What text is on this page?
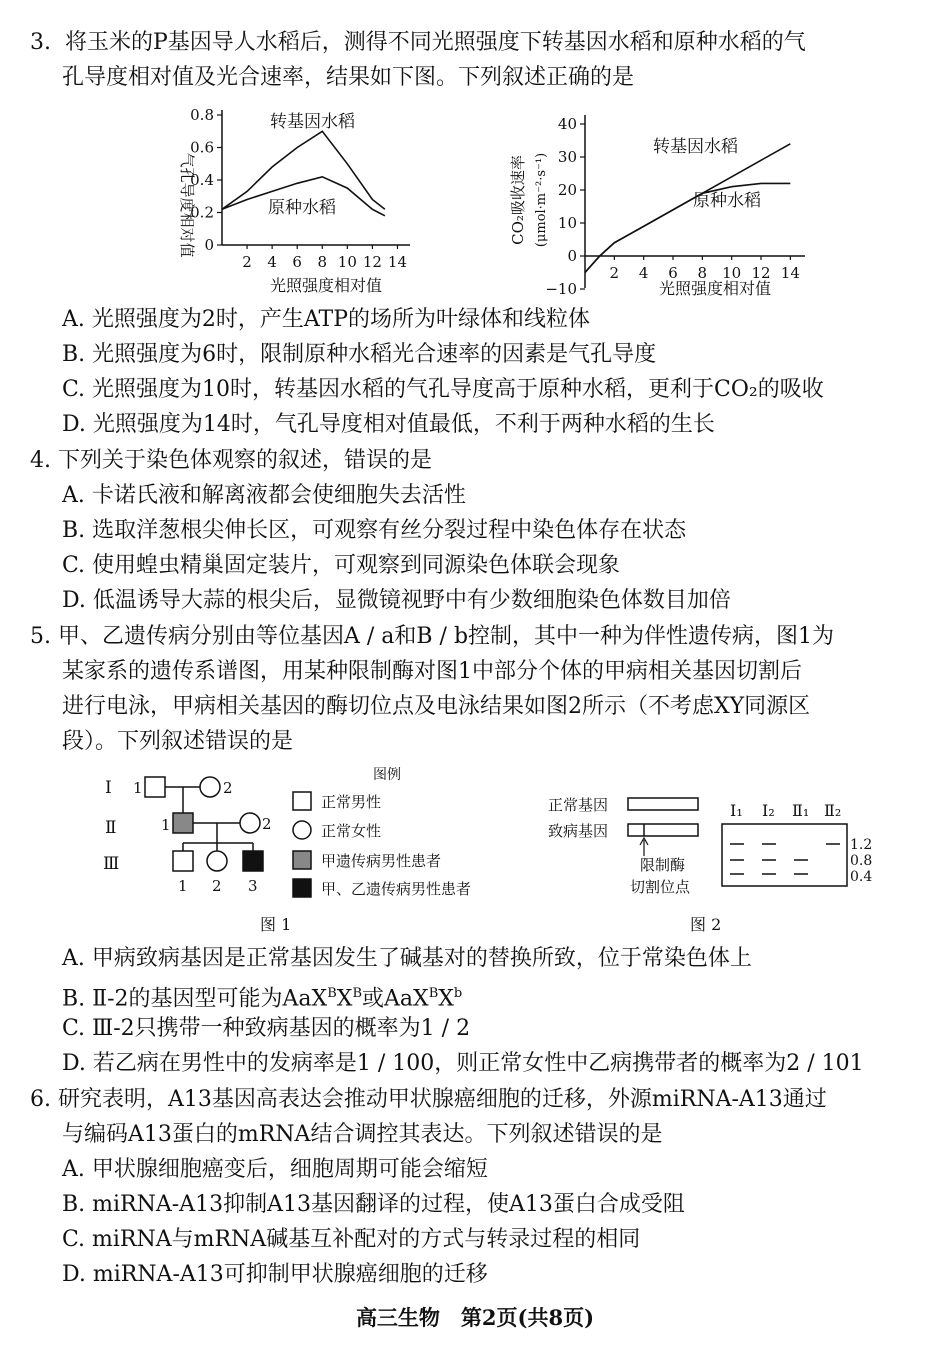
3. 将玉米的P基因导人水稻后，测得不同光照强度下转基因水稻和原种水稻的气
孔导度相对值及光合速率，结果如下图。下列叙述正确的是
气孔导度相对值 0
0.2
0.4
0.6
0.8
2 4 6 8 10 12 14
转基因水稻
原种水稻
光照强度相对值
CO₂吸收速率 (μmol·m⁻²·s⁻¹)
−10
0
10
20
30
40
2 4 6 8 10 12 14
转基因水稻
原种水稻
光照强度相对值
A. 光照强度为2时，产生ATP的场所为叶绿体和线粒体
B. 光照强度为6时，限制原种水稻光合速率的因素是气孔导度
C. 光照强度为10时，转基因水稻的气孔导度高于原种水稻，更利于CO₂的吸收
D. 光照强度为14时，气孔导度相对值最低，不利于两种水稻的生长
4. 下列关于染色体观察的叙述，错误的是
A. 卡诺氏液和解离液都会使细胞失去活性
B. 选取洋葱根尖伸长区，可观察有丝分裂过程中染色体存在状态
C. 使用蝗虫精巢固定装片，可观察到同源染色体联会现象
D. 低温诱导大蒜的根尖后，显微镜视野中有少数细胞染色体数目加倍
5. 甲、乙遗传病分别由等位基因A / a和B / b控制，其中一种为伴性遗传病，图1为
某家系的遗传系谱图，用某种限制酶对图1中部分个体的甲病相关基因切割后
进行电泳，甲病相关基因的酶切位点及电泳结果如图2所示（不考虑XY同源区
段）。下列叙述错误的是
Ⅰ
Ⅱ
Ⅲ
1	2
1	2
1 2 3
图例
正常男性
正常女性
甲遗传病男性患者
甲、乙遗传病男性患者
图 1
正常基因
致病基因
限制酶
切割位点
Ⅰ₁ Ⅰ₂ Ⅱ₁ Ⅱ₂
1.2
0.8
0.4
图 2
A. 甲病致病基因是正常基因发生了碱基对的替换所致，位于常染色体上
B. Ⅱ-2的基因型可能为$AaX^BX^B$或$AaX^BX^b$
C. Ⅲ-2只携带一种致病基因的概率为1 / 2
D. 若乙病在男性中的发病率是1 / 100，则正常女性中乙病携带者的概率为2 / 101
6. 研究表明，A13基因高表达会推动甲状腺癌细胞的迁移，外源miRNA-A13通过
与编码A13蛋白的mRNA结合调控其表达。下列叙述错误的是
A. 甲状腺细胞癌变后，细胞周期可能会缩短
B. miRNA-A13抑制A13基因翻译的过程，使A13蛋白合成受阻
C. miRNA与mRNA碱基互补配对的方式与转录过程的相同
D. miRNA-A13可抑制甲状腺癌细胞的迁移
高三生物　第2页(共8页)
